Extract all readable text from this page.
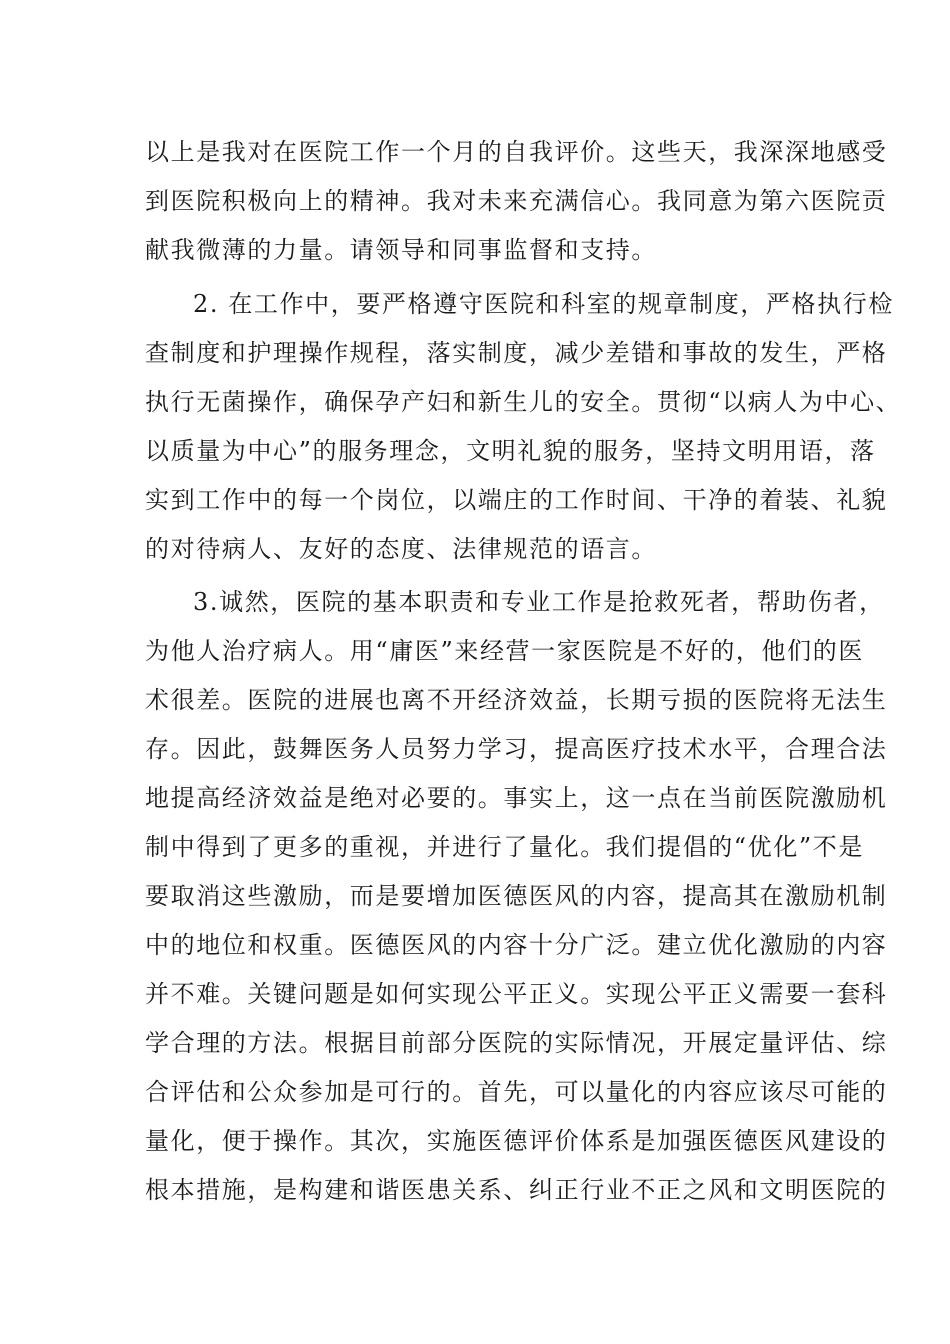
以上是我对在医院工作一个月的自我评价。这些天，我深深地感受
到医院积极向上的精神。我对未来充满信心。我同意为第六医院贡
献我微薄的力量。请领导和同事监督和支持。
2. 在工作中，要严格遵守医院和科室的规章制度，严格执行检
查制度和护理操作规程，落实制度，减少差错和事故的发生，严格
执行无菌操作，确保孕产妇和新生儿的安全。贯彻“以病人为中心、
以质量为中心”的服务理念，文明礼貌的服务，坚持文明用语，落
实到工作中的每一个岗位，以端庄的工作时间、干净的着装、礼貌
的对待病人、友好的态度、法律规范的语言。
3.诚然，医院的基本职责和专业工作是抢救死者，帮助伤者，
为他人治疗病人。用“庸医”来经营一家医院是不好的，他们的医
术很差。医院的进展也离不开经济效益，长期亏损的医院将无法生
存。因此，鼓舞医务人员努力学习，提高医疗技术水平，合理合法
地提高经济效益是绝对必要的。事实上，这一点在当前医院激励机
制中得到了更多的重视，并进行了量化。我们提倡的“优化”不是
要取消这些激励，而是要增加医德医风的内容，提高其在激励机制
中的地位和权重。医德医风的内容十分广泛。建立优化激励的内容
并不难。关键问题是如何实现公平正义。实现公平正义需要一套科
学合理的方法。根据目前部分医院的实际情况，开展定量评估、综
合评估和公众参加是可行的。首先，可以量化的内容应该尽可能的
量化，便于操作。其次，实施医德评价体系是加强医德医风建设的
根本措施，是构建和谐医患关系、纠正行业不正之风和文明医院的
